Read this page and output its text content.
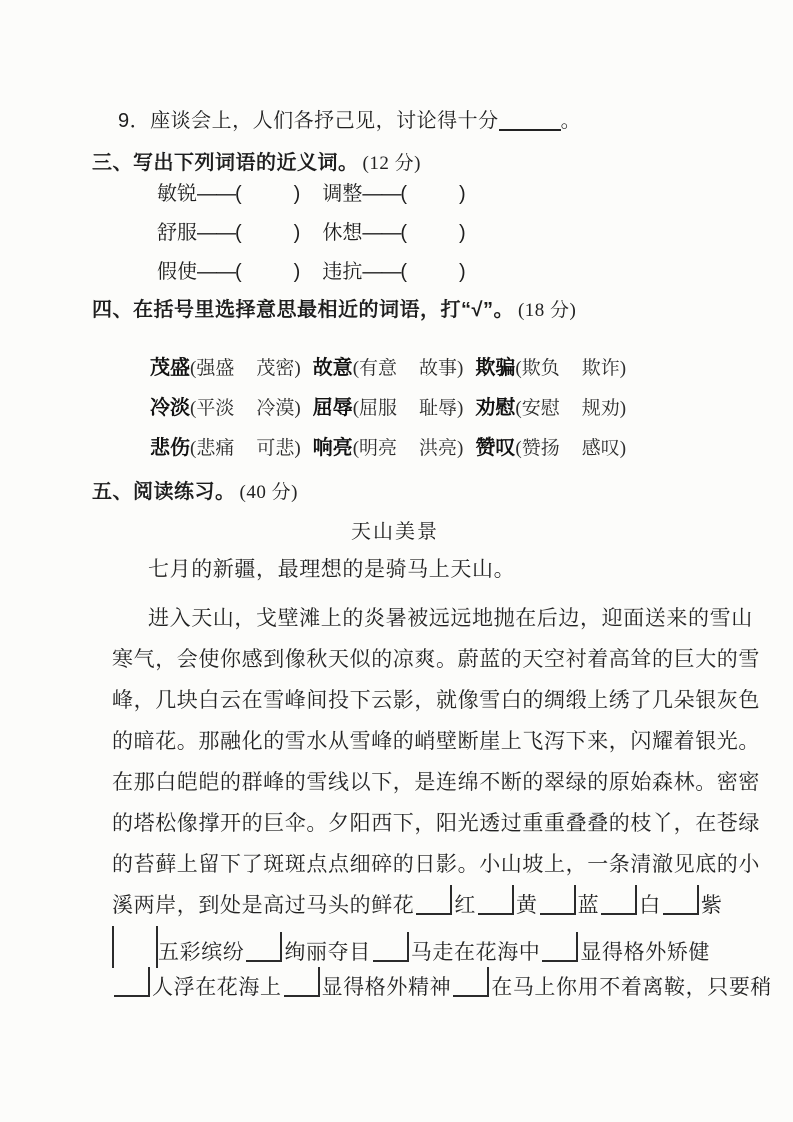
9．座谈会上，人们各抒己见，讨论得十分	。
三、写出下列词语的近义词。 (12 分)
敏锐——(	) 调整——(	)
舒服——(	) 休想——(	)
假使——(	) 违抗——(	)
四、在括号里选择意思最相近的词语，打“√”。 (18 分)
茂盛(强盛 茂密) 故意(有意 故事) 欺骗(欺负 欺诈)
冷淡(平淡 冷漠) 屈辱(屈服 耻辱) 劝慰(安慰 规劝)
悲伤(悲痛 可悲) 响亮(明亮 洪亮) 赞叹(赞扬 感叹)
五、阅读练习。 (40 分)
天山美景
七月的新疆，最理想的是骑马上天山。
进入天山，戈壁滩上的炎暑被远远地抛在后边，迎面送来的雪山
寒气，会使你感到像秋天似的凉爽。蔚蓝的天空衬着高耸的巨大的雪
峰，几块白云在雪峰间投下云影，就像雪白的绸缎上绣了几朵银灰色
的暗花。那融化的雪水从雪峰的峭壁断崖上飞泻下来，闪耀着银光。
在那白皑皑的群峰的雪线以下，是连绵不断的翠绿的原始森林。密密
的塔松像撑开的巨伞。夕阳西下，阳光透过重重叠叠的枝丫，在苍绿
的苔藓上留下了斑斑点点细碎的日影。小山坡上，一条清澈见底的小
溪两岸，到处是高过马头的鲜花 红 黄 蓝 白 紫
五彩缤纷 绚丽夺目 马走在花海中 显得格外矫健
人浮在花海上 显得格外精神 在马上你用不着离鞍，只要稍
